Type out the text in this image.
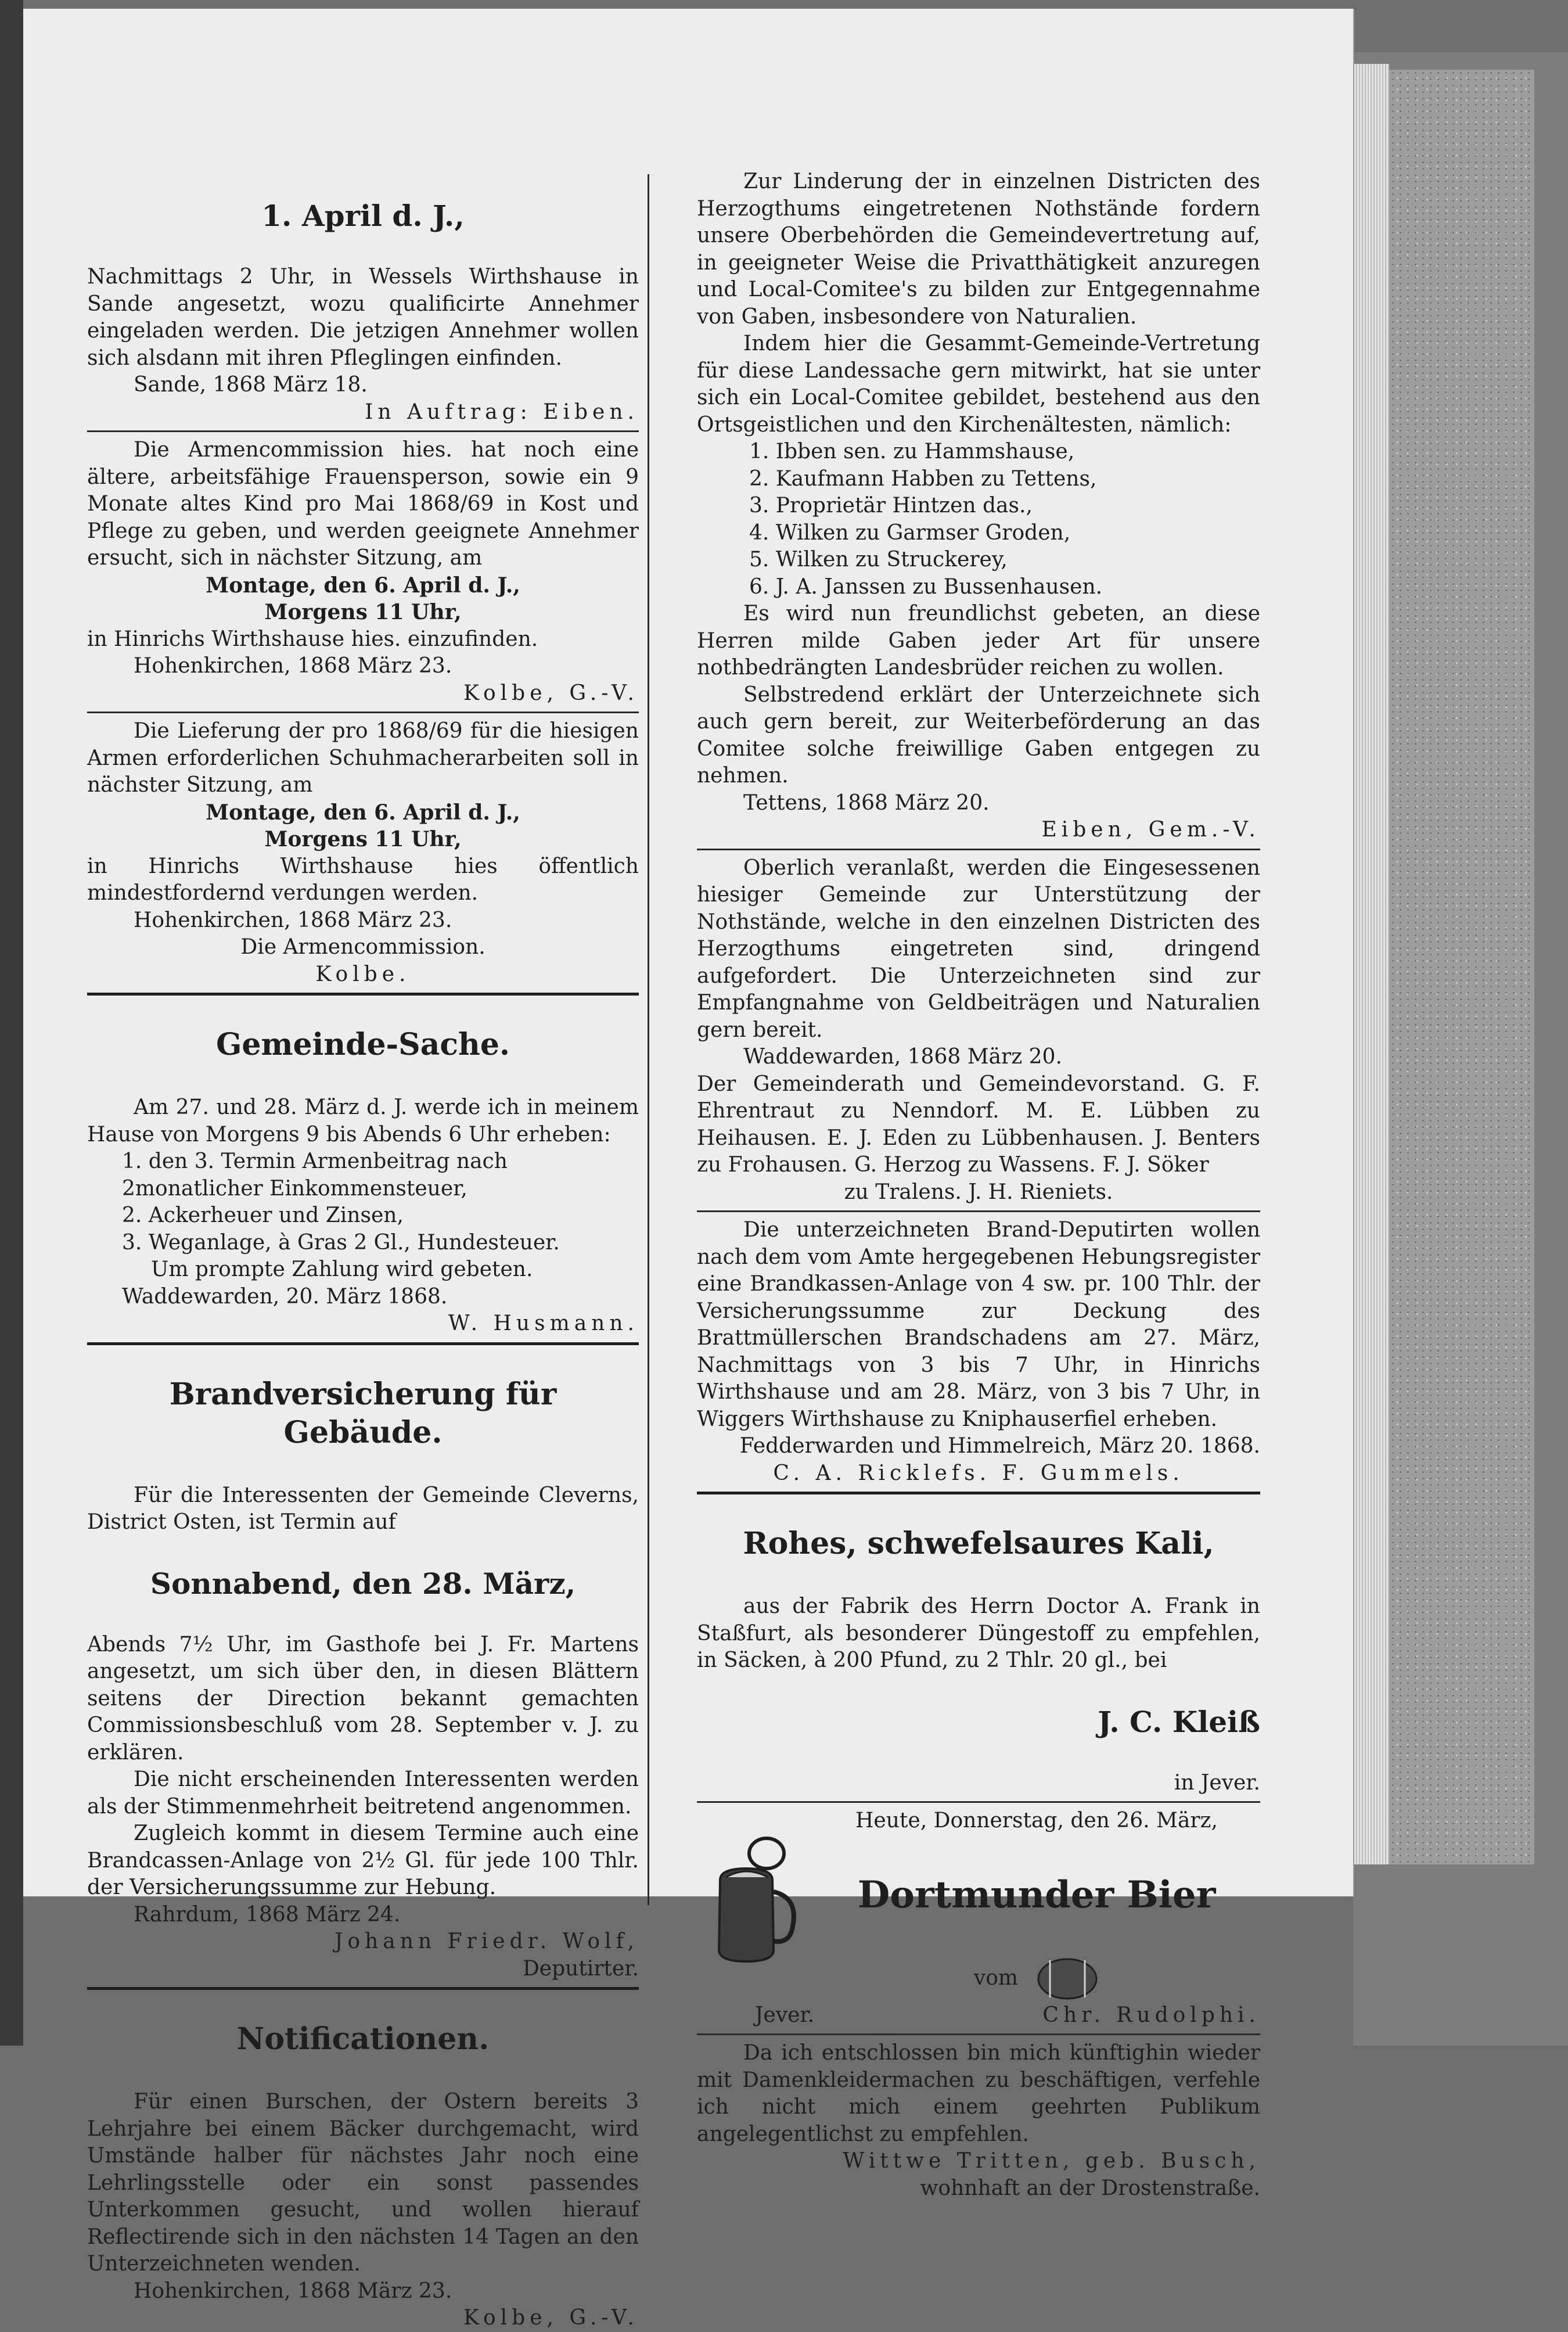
1. April d. J.,

Nachmittags 2 Uhr, in Wessels Wirthshause in Sande angesetzt, wozu qualificirte Annehmer eingeladen werden. Die jetzigen Annehmer wollen sich alsdann mit ihren Pfleglingen einfinden.

Sande, 1868 März 18.

In Auftrag: Eiben.

Die Armencommission hies. hat noch eine ältere, arbeitsfähige Frauensperson, sowie ein 9 Monate altes Kind pro Mai 1868/69 in Kost und Pflege zu geben, und werden geeignete Annehmer ersucht, sich in nächster Sitzung, am

Montage, den 6. April d. J.,

Morgens 11 Uhr,

in Hinrichs Wirthshause hies. einzufinden.

Hohenkirchen, 1868 März 23.

Kolbe, G.-V.

Die Lieferung der pro 1868/69 für die hiesigen Armen erforderlichen Schuhmacherarbeiten soll in nächster Sitzung, am

Montage, den 6. April d. J.,

Morgens 11 Uhr,

in Hinrichs Wirthshause hies öffentlich mindestfordernd verdungen werden.

Hohenkirchen, 1868 März 23.

Die Armencommission.

Kolbe.

Gemeinde-Sache.

Am 27. und 28. März d. J. werde ich in meinem Hause von Morgens 9 bis Abends 6 Uhr erheben:

1. den 3. Termin Armenbeitrag nach 2monatlicher Einkommensteuer,

2. Ackerheuer und Zinsen,

3. Weganlage, à Gras 2 Gl., Hundesteuer.

Um prompte Zahlung wird gebeten.

Waddewarden, 20. März 1868.

W. Husmann.

Brandversicherung für Gebäude.

Für die Interessenten der Gemeinde Cleverns, District Osten, ist Termin auf

Sonnabend, den 28. März,

Abends 7½ Uhr, im Gasthofe bei J. Fr. Martens angesetzt, um sich über den, in diesen Blättern seitens der Direction bekannt gemachten Commissionsbeschluß vom 28. September v. J. zu erklären.

Die nicht erscheinenden Interessenten werden als der Stimmenmehrheit beitretend angenommen.

Zugleich kommt in diesem Termine auch eine Brandcassen-Anlage von 2½ Gl. für jede 100 Thlr. der Versicherungssumme zur Hebung.

Rahrdum, 1868 März 24.

Johann Friedr. Wolf,

Deputirter.

Notificationen.

Für einen Burschen, der Ostern bereits 3 Lehrjahre bei einem Bäcker durchgemacht, wird Umstände halber für nächstes Jahr noch eine Lehrlingsstelle oder ein sonst passendes Unterkommen gesucht, und wollen hierauf Reflectirende sich in den nächsten 14 Tagen an den Unterzeichneten wenden.

Hohenkirchen, 1868 März 23.

Kolbe, G.-V.

Zur Linderung der in einzelnen Districten des Herzogthums eingetretenen Nothstände fordern unsere Oberbehörden die Gemeindevertretung auf, in geeigneter Weise die Privatthätigkeit anzuregen und Local-Comitee's zu bilden zur Entgegennahme von Gaben, insbesondere von Naturalien.

Indem hier die Gesammt-Gemeinde-Vertretung für diese Landessache gern mitwirkt, hat sie unter sich ein Local-Comitee gebildet, bestehend aus den Ortsgeistlichen und den Kirchenältesten, nämlich:

1. Ibben sen. zu Hammshause,

2. Kaufmann Habben zu Tettens,

3. Proprietär Hintzen das.,

4. Wilken zu Garmser Groden,

5. Wilken zu Struckerey,

6. J. A. Janssen zu Bussenhausen.

Es wird nun freundlichst gebeten, an diese Herren milde Gaben jeder Art für unsere nothbedrängten Landesbrüder reichen zu wollen.

Selbstredend erklärt der Unterzeichnete sich auch gern bereit, zur Weiterbeförderung an das Comitee solche freiwillige Gaben entgegen zu nehmen.

Tettens, 1868 März 20.

Eiben, Gem.-V.

Oberlich veranlaßt, werden die Eingesessenen hiesiger Gemeinde zur Unterstützung der Nothstände, welche in den einzelnen Districten des Herzogthums eingetreten sind, dringend aufgefordert. Die Unterzeichneten sind zur Empfangnahme von Geldbeiträgen und Naturalien gern bereit.

Waddewarden, 1868 März 20.

Der Gemeinderath und Gemeindevorstand. G. F. Ehrentraut zu Nenndorf. M. E. Lübben zu Heihausen. E. J. Eden zu Lübbenhausen. J. Benters zu Frohausen. G. Herzog zu Wassens. F. J. Söker

zu Tralens. J. H. Rieniets.

Die unterzeichneten Brand-Deputirten wollen nach dem vom Amte hergegebenen Hebungsregister eine Brandkassen-Anlage von 4 sw. pr. 100 Thlr. der Versicherungssumme zur Deckung des Brattmüllerschen Brandschadens am 27. März, Nachmittags von 3 bis 7 Uhr, in Hinrichs Wirthshause und am 28. März, von 3 bis 7 Uhr, in Wiggers Wirthshause zu Kniphauserfiel erheben.

Fedderwarden und Himmelreich, März 20. 1868.

C. A. Ricklefs. F. Gummels.

Rohes, schwefelsaures Kali,

aus der Fabrik des Herrn Doctor A. Frank in Staßfurt, als besonderer Düngestoff zu empfehlen, in Säcken, à 200 Pfund, zu 2 Thlr. 20 gl., bei

J. C. Kleiß

in Jever.

Heute, Donnerstag, den 26. März,

Dortmunder Bier

vom

Jever.	Chr. Rudolphi.

Da ich entschlossen bin mich künftighin wieder mit Damenkleidermachen zu beschäftigen, verfehle ich nicht mich einem geehrten Publikum angelegentlichst zu empfehlen.

Wittwe Tritten, geb. Busch,

wohnhaft an der Drostenstraße.
